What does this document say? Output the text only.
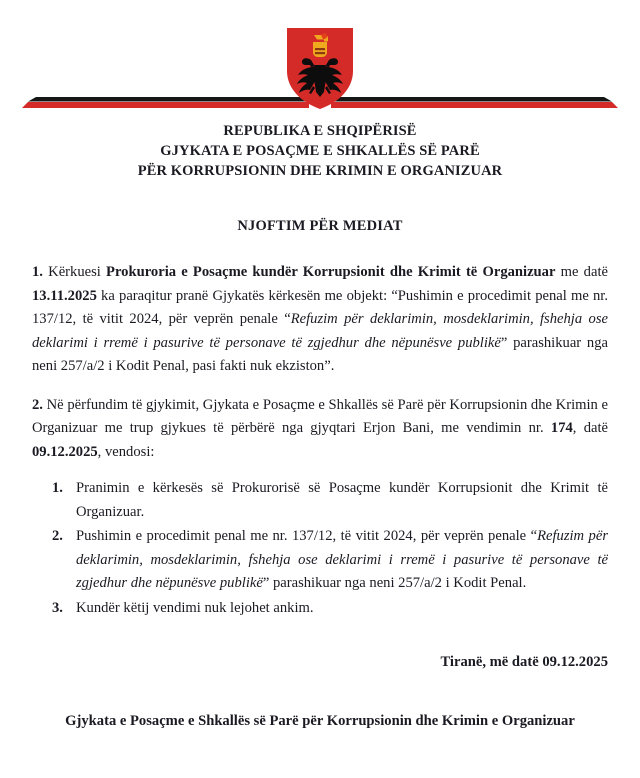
REPUBLIKA E SHQIPËRISË
GJYKATA E POSAÇME E SHKALLËS SË PARË
PËR KORRUPSIONIN DHE KRIMIN E ORGANIZUAR
NJOFTIM PËR MEDIAT

1. Kërkuesi Prokuroria e Posaçme kundër Korrupsionit dhe Krimit të Organizuar me datë 13.11.2025 ka paraqitur pranë Gjykatës kërkesën me objekt: “Pushimin e procedimit penal me nr. 137/12, të vitit 2024, për veprën penale “Refuzim për deklarimin, mosdeklarimin, fshehja ose deklarimi i rremë i pasurive të personave të zgjedhur dhe nëpunësve publikë” parashikuar nga neni 257/a/2 i Kodit Penal, pasi fakti nuk ekziston”.

2. Në përfundim të gjykimit, Gjykata e Posaçme e Shkallës së Parë për Korrupsionin dhe Krimin e Organizuar me trup gjykues të përbërë nga gjyqtari Erjon Bani, me vendimin nr. 174, datë 09.12.2025, vendosi:

1. Pranimin e kërkesës së Prokurorisë së Posaçme kundër Korrupsionit dhe Krimit të Organizuar.
2. Pushimin e procedimit penal me nr. 137/12, të vitit 2024, për veprën penale “Refuzim për deklarimin, mosdeklarimin, fshehja ose deklarimi i rremë i pasurive të personave të zgjedhur dhe nëpunësve publikë” parashikuar nga neni 257/a/2 i Kodit Penal.
3. Kundër këtij vendimi nuk lejohet ankim.
Tiranë, më datë 09.12.2025
Gjykata e Posaçme e Shkallës së Parë për Korrupsionin dhe Krimin e Organizuar
